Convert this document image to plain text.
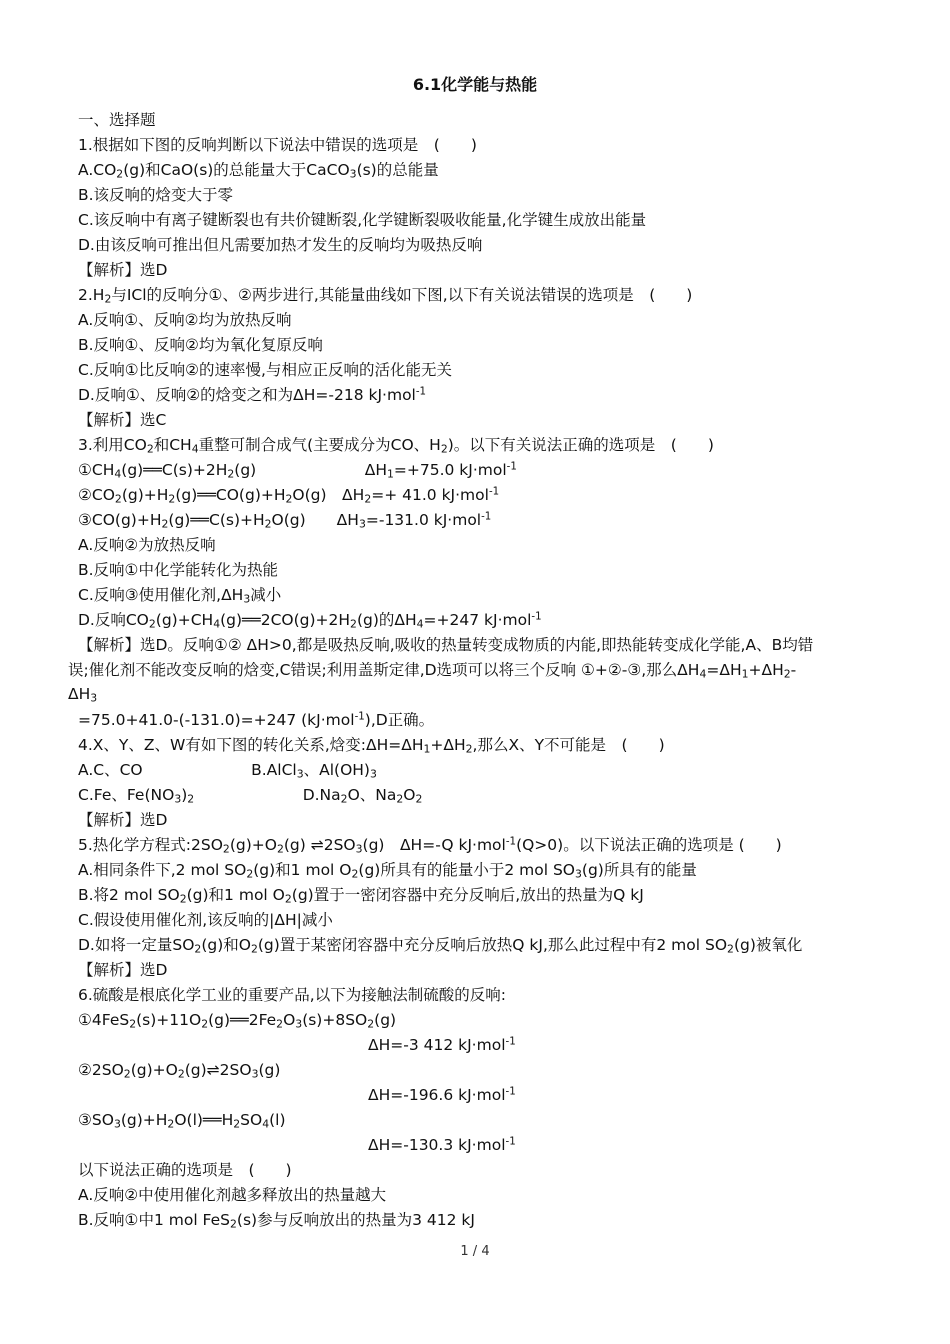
6.1化学能与热能
一、选择题
1.根据如下图的反响判断以下说法中错误的选项是　(　　)
A.CO2(g)和CaO(s)的总能量大于CaCO3(s)的总能量
B.该反响的焓变大于零
C.该反响中有离子键断裂也有共价键断裂,化学键断裂吸收能量,化学键生成放出能量
D.由该反响可推出但凡需要加热才发生的反响均为吸热反响
【解析】选D
2.H2与ICl的反响分①、②两步进行,其能量曲线如下图,以下有关说法错误的选项是　(　　)
A.反响①、反响②均为放热反响
B.反响①、反响②均为氧化复原反响
C.反响①比反响②的速率慢,与相应正反响的活化能无关
D.反响①、反响②的焓变之和为ΔH=-218 kJ·mol$^{-1}$
【解析】选C
3.利用CO2和CH4重整可制合成气(主要成分为CO、H2)。以下有关说法正确的选项是　(　　)
①CH4(g)══C(s)+2H2(g)　　　　　　　ΔH1=+75.0 kJ·mol$^{-1}$
②CO2(g)+H2(g)══CO(g)+H2O(g)　ΔH2=+ 41.0 kJ·mol$^{-1}$
③CO(g)+H2(g)══C(s)+H2O(g)　　ΔH3=-131.0 kJ·mol$^{-1}$
A.反响②为放热反响
B.反响①中化学能转化为热能
C.反响③使用催化剂,ΔH3减小
D.反响CO2(g)+CH4(g)══2CO(g)+2H2(g)的ΔH4=+247 kJ·mol$^{-1}$
【解析】选D。反响①② ΔH>0,都是吸热反响,吸收的热量转变成物质的内能,即热能转变成化学能,A、B均错
误;催化剂不能改变反响的焓变,C错误;利用盖斯定律,D选项可以将三个反响 ①+②-③,那么ΔH4=ΔH1+ΔH2-
ΔH3
=75.0+41.0-(-131.0)=+247 (kJ·mol$^{-1}$),D正确。
4.X、Y、Z、W有如下图的转化关系,焓变:ΔH=ΔH1+ΔH2,那么X、Y不可能是　(　　)
A.C、CO　　　　　　　B.AlCl3、Al(OH)3
C.Fe、Fe(NO3)2　　　　　　　D.Na2O、Na2O2
【解析】选D
5.热化学方程式:2SO2(g)+O2(g) ⇌2SO3(g)　ΔH=-Q kJ·mol$^{-1}$(Q>0)。以下说法正确的选项是 (　　)
A.相同条件下,2 mol SO2(g)和1 mol O2(g)所具有的能量小于2 mol SO3(g)所具有的能量
B.将2 mol SO2(g)和1 mol O2(g)置于一密闭容器中充分反响后,放出的热量为Q kJ
C.假设使用催化剂,该反响的|ΔH|减小
D.如将一定量SO2(g)和O2(g)置于某密闭容器中充分反响后放热Q kJ,那么此过程中有2 mol SO2(g)被氧化
【解析】选D
6.硫酸是根底化学工业的重要产品,以下为接触法制硫酸的反响:
①4FeS2(s)+11O2(g)══2Fe2O3(s)+8SO2(g)
ΔH=-3 412 kJ·mol$^{-1}$
②2SO2(g)+O2(g)⇌2SO3(g)
ΔH=-196.6 kJ·mol$^{-1}$
③SO3(g)+H2O(l)══H2SO4(l)
ΔH=-130.3 kJ·mol$^{-1}$
以下说法正确的选项是　(　　)
A.反响②中使用催化剂越多释放出的热量越大
B.反响①中1 mol FeS2(s)参与反响放出的热量为3 412 kJ
1 / 4
